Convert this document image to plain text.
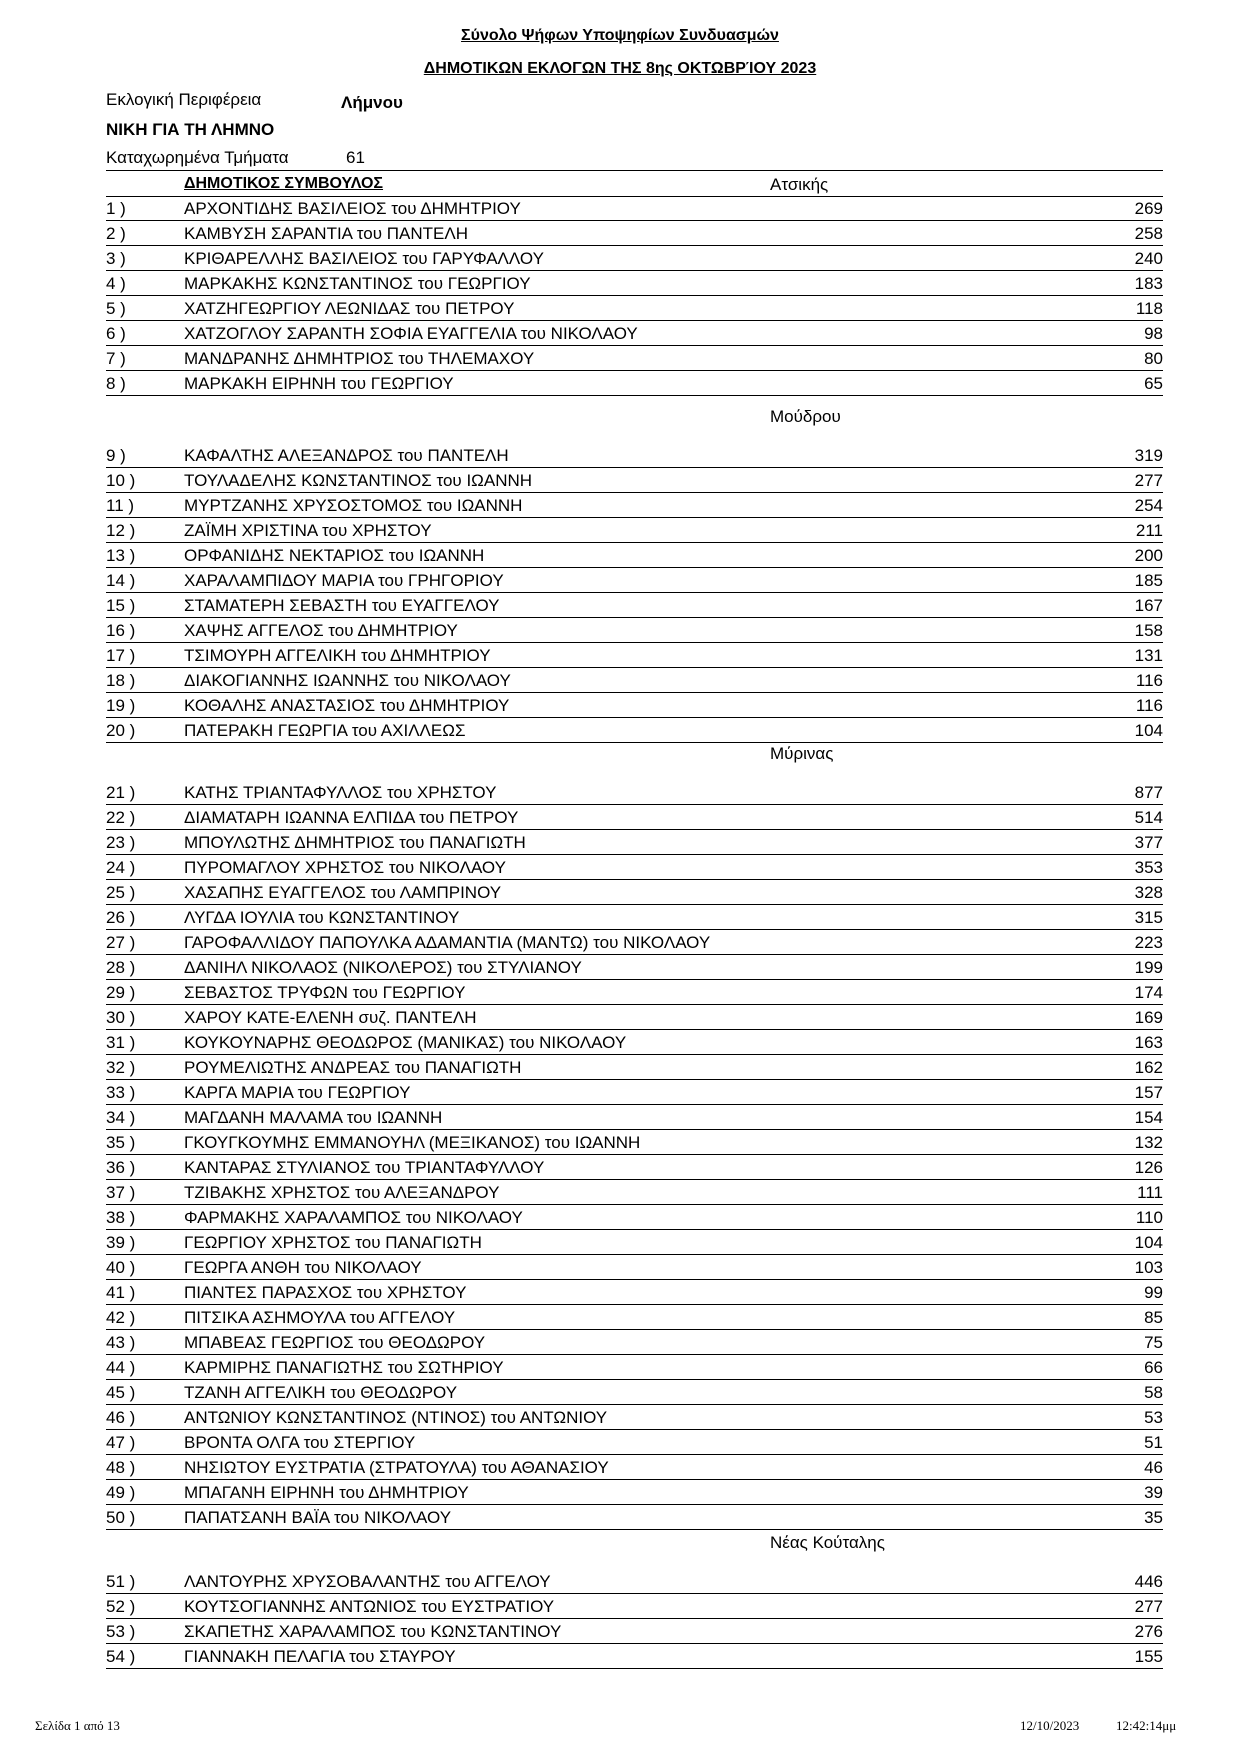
Σύνολο Ψήφων Υποψηφίων Συνδυασμών
ΔΗΜΟΤΙΚΩΝ ΕΚΛΟΓΩΝ ΤΗΣ 8ης ΟΚΤΩΒΡΊΟΥ 2023
Εκλογική Περιφέρεια	Λήμνου
ΝΙΚΗ ΓΙΑ ΤΗ ΛΗΜΝΟ
Καταχωρημένα Τμήματα	61
ΔΗΜΟΤΙΚΟΣ ΣΥΜΒΟΥΛΟΣ	Ατσικής
1 )	ΑΡΧΟΝΤΙΔΗΣ ΒΑΣΙΛΕΙΟΣ του ΔΗΜΗΤΡΙΟΥ	269
2 )	ΚΑΜΒΥΣΗ ΣΑΡΑΝΤΙΑ του ΠΑΝΤΕΛΗ	258
3 )	ΚΡΙΘΑΡΕΛΛΗΣ ΒΑΣΙΛΕΙΟΣ του ΓΑΡΥΦΑΛΛΟΥ	240
4 )	ΜΑΡΚΑΚΗΣ ΚΩΝΣΤΑΝΤΙΝΟΣ του ΓΕΩΡΓΙΟΥ	183
5 )	ΧΑΤΖΗΓΕΩΡΓΙΟΥ ΛΕΩΝΙΔΑΣ του ΠΕΤΡΟΥ	118
6 )	ΧΑΤΖΟΓΛΟΥ ΣΑΡΑΝΤΗ ΣΟΦΙΑ ΕΥΑΓΓΕΛΙΑ του ΝΙΚΟΛΑΟΥ	98
7 )	ΜΑΝΔΡΑΝΗΣ ΔΗΜΗΤΡΙΟΣ του ΤΗΛΕΜΑΧΟΥ	80
8 )	ΜΑΡΚΑΚΗ ΕΙΡΗΝΗ του ΓΕΩΡΓΙΟΥ	65
Μούδρου
9 )	ΚΑΦΑΛΤΗΣ ΑΛΕΞΑΝΔΡΟΣ του ΠΑΝΤΕΛΗ	319
10 )	ΤΟΥΛΑΔΕΛΗΣ ΚΩΝΣΤΑΝΤΙΝΟΣ του ΙΩΑΝΝΗ	277
11 )	ΜΥΡΤΖΑΝΗΣ ΧΡΥΣΟΣΤΟΜΟΣ του ΙΩΑΝΝΗ	254
12 )	ΖΑΪΜΗ ΧΡΙΣΤΙΝΑ του ΧΡΗΣΤΟΥ	211
13 )	ΟΡΦΑΝΙΔΗΣ ΝΕΚΤΑΡΙΟΣ του ΙΩΑΝΝΗ	200
14 )	ΧΑΡΑΛΑΜΠΙΔΟΥ ΜΑΡΙΑ του ΓΡΗΓΟΡΙΟΥ	185
15 )	ΣΤΑΜΑΤΕΡΗ ΣΕΒΑΣΤΗ του ΕΥΑΓΓΕΛΟΥ	167
16 )	ΧΑΨΗΣ ΑΓΓΕΛΟΣ του ΔΗΜΗΤΡΙΟΥ	158
17 )	ΤΣΙΜΟΥΡΗ ΑΓΓΕΛΙΚΗ του ΔΗΜΗΤΡΙΟΥ	131
18 )	ΔΙΑΚΟΓΙΑΝΝΗΣ ΙΩΑΝΝΗΣ του ΝΙΚΟΛΑΟΥ	116
19 )	ΚΟΘΑΛΗΣ ΑΝΑΣΤΑΣΙΟΣ του ΔΗΜΗΤΡΙΟΥ	116
20 )	ΠΑΤΕΡΑΚΗ ΓΕΩΡΓΙΑ του ΑΧΙΛΛΕΩΣ	104
Μύρινας
21 )	ΚΑΤΗΣ ΤΡΙΑΝΤΑΦΥΛΛΟΣ του ΧΡΗΣΤΟΥ	877
22 )	ΔΙΑΜΑΤΑΡΗ ΙΩΑΝΝΑ ΕΛΠΙΔΑ του ΠΕΤΡΟΥ	514
23 )	ΜΠΟΥΛΩΤΗΣ ΔΗΜΗΤΡΙΟΣ του ΠΑΝΑΓΙΩΤΗ	377
24 )	ΠΥΡΟΜΑΓΛΟΥ ΧΡΗΣΤΟΣ του ΝΙΚΟΛΑΟΥ	353
25 )	ΧΑΣΑΠΗΣ ΕΥΑΓΓΕΛΟΣ του ΛΑΜΠΡΙΝΟΥ	328
26 )	ΛΥΓΔΑ ΙΟΥΛΙΑ του ΚΩΝΣΤΑΝΤΙΝΟΥ	315
27 )	ΓΑΡΟΦΑΛΛΙΔΟΥ ΠΑΠΟΥΛΚΑ ΑΔΑΜΑΝΤΙΑ (ΜΑΝΤΩ) του ΝΙΚΟΛΑΟΥ	223
28 )	ΔΑΝΙΗΛ ΝΙΚΟΛΑΟΣ (ΝΙΚΟΛΕΡΟΣ) του ΣΤΥΛΙΑΝΟΥ	199
29 )	ΣΕΒΑΣΤΟΣ ΤΡΥΦΩΝ του ΓΕΩΡΓΙΟΥ	174
30 )	ΧΑΡΟΥ ΚΑΤΕ-ΕΛΕΝΗ συζ. ΠΑΝΤΕΛΗ	169
31 )	ΚΟΥΚΟΥΝΑΡΗΣ ΘΕΟΔΩΡΟΣ (ΜΑΝΙΚΑΣ) του ΝΙΚΟΛΑΟΥ	163
32 )	ΡΟΥΜΕΛΙΩΤΗΣ ΑΝΔΡΕΑΣ του ΠΑΝΑΓΙΩΤΗ	162
33 )	ΚΑΡΓΑ ΜΑΡΙΑ του ΓΕΩΡΓΙΟΥ	157
34 )	ΜΑΓΔΑΝΗ ΜΑΛΑΜΑ του ΙΩΑΝΝΗ	154
35 )	ΓΚΟΥΓΚΟΥΜΗΣ ΕΜΜΑΝΟΥΗΛ (ΜΕΞΙΚΑΝΟΣ) του ΙΩΑΝΝΗ	132
36 )	ΚΑΝΤΑΡΑΣ ΣΤΥΛΙΑΝΟΣ του ΤΡΙΑΝΤΑΦΥΛΛΟΥ	126
37 )	ΤΖΙΒΑΚΗΣ ΧΡΗΣΤΟΣ του ΑΛΕΞΑΝΔΡΟΥ	111
38 )	ΦΑΡΜΑΚΗΣ ΧΑΡΑΛΑΜΠΟΣ του ΝΙΚΟΛΑΟΥ	110
39 )	ΓΕΩΡΓΙΟΥ ΧΡΗΣΤΟΣ του ΠΑΝΑΓΙΩΤΗ	104
40 )	ΓΕΩΡΓΑ ΑΝΘΗ του ΝΙΚΟΛΑΟΥ	103
41 )	ΠΙΑΝΤΕΣ ΠΑΡΑΣΧΟΣ του ΧΡΗΣΤΟΥ	99
42 )	ΠΙΤΣΙΚΑ ΑΣΗΜΟΥΛΑ του ΑΓΓΕΛΟΥ	85
43 )	ΜΠΑΒΕΑΣ ΓΕΩΡΓΙΟΣ του ΘΕΟΔΩΡΟΥ	75
44 )	ΚΑΡΜΙΡΗΣ ΠΑΝΑΓΙΩΤΗΣ του ΣΩΤΗΡΙΟΥ	66
45 )	ΤΖΑΝΗ ΑΓΓΕΛΙΚΗ του ΘΕΟΔΩΡΟΥ	58
46 )	ΑΝΤΩΝΙΟΥ ΚΩΝΣΤΑΝΤΙΝΟΣ (ΝΤΙΝΟΣ) του ΑΝΤΩΝΙΟΥ	53
47 )	ΒΡΟΝΤΑ ΟΛΓΑ του ΣΤΕΡΓΙΟΥ	51
48 )	ΝΗΣΙΩΤΟΥ ΕΥΣΤΡΑΤΙΑ (ΣΤΡΑΤΟΥΛΑ) του ΑΘΑΝΑΣΙΟΥ	46
49 )	ΜΠΑΓΑΝΗ ΕΙΡΗΝΗ του ΔΗΜΗΤΡΙΟΥ	39
50 )	ΠΑΠΑΤΣΑΝΗ ΒΑΪΑ του ΝΙΚΟΛΑΟΥ	35
Νέας Κούταλης
51 )	ΛΑΝΤΟΥΡΗΣ ΧΡΥΣΟΒΑΛΑΝΤΗΣ του ΑΓΓΕΛΟΥ	446
52 )	ΚΟΥΤΣΟΓΙΑΝΝΗΣ ΑΝΤΩΝΙΟΣ του ΕΥΣΤΡΑΤΙΟΥ	277
53 )	ΣΚΑΠΕΤΗΣ ΧΑΡΑΛΑΜΠΟΣ του ΚΩΝΣΤΑΝΤΙΝΟΥ	276
54 )	ΓΙΑΝΝΑΚΗ ΠΕΛΑΓΙΑ του ΣΤΑΥΡΟΥ	155
Σελίδα 1 από 13	12/10/2023	12:42:14μμ
